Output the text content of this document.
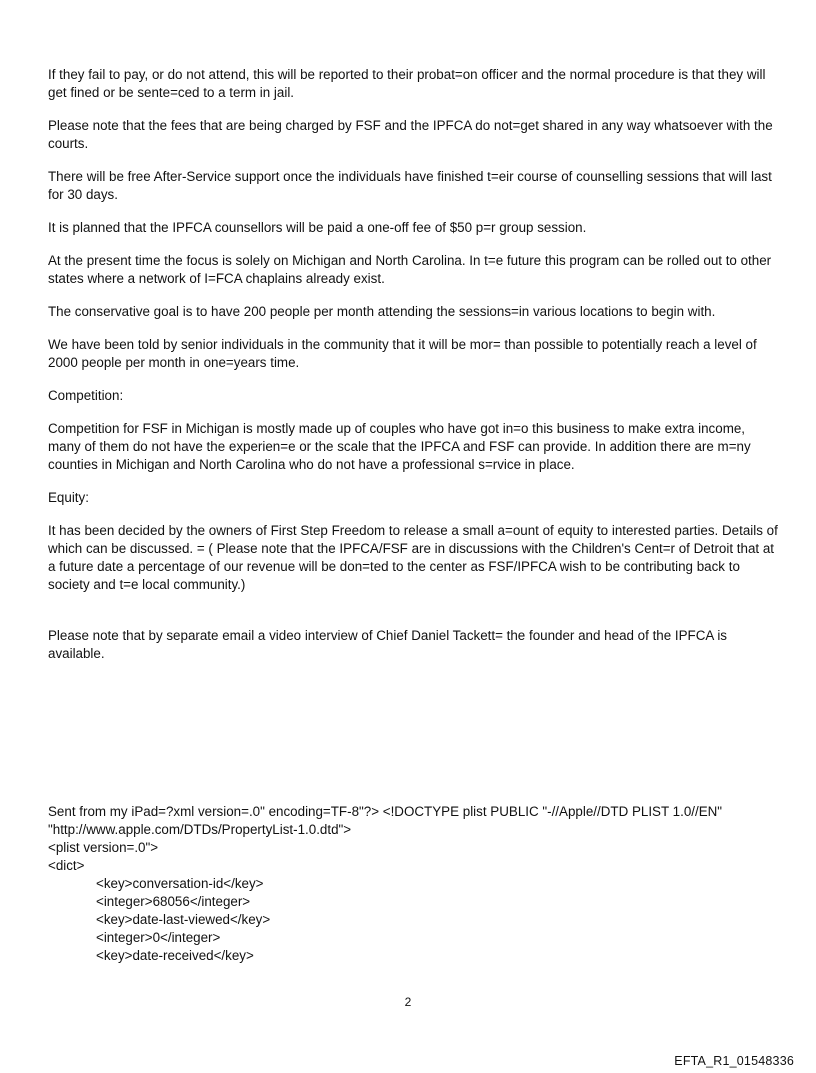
If they fail to pay, or do not attend, this will be reported to their probat=on officer and the normal procedure is that they will get fined or be sente=ced to a term in jail.

Please note that the fees that are being charged by FSF and the IPFCA do not=get shared in any way whatsoever with the courts.

There will be free After-Service support once the individuals have finished t=eir course of counselling sessions that will last for 30 days.

It is planned that the IPFCA counsellors will be paid a one-off fee of $50 p=r group session.

At the present time the focus is solely on Michigan and North Carolina. In t=e future this program can be rolled out to other states where a network of I=FCA chaplains already exist.

The conservative goal is to have 200 people per month attending the sessions=in various locations to begin with.

We have been told by senior individuals in the community that it will be mor= than possible to potentially reach a level of 2000 people per month in one=years time.

Competition:

Competition for FSF in Michigan is mostly made up of couples who have got in=o this business to make extra income, many of them do not have the experien=e or the scale that the IPFCA and FSF can provide. In addition there are m=ny counties in Michigan and North Carolina who do not have a professional s=rvice in place.

Equity:

It has been decided by the owners of First Step Freedom to release a small a=ount of equity to interested parties. Details of which can be discussed. = ( Please note that the IPFCA/FSF are in discussions with the Children's Cent=r of Detroit that at a future date a percentage of our revenue will be don=ted to the center as FSF/IPFCA wish to be contributing back to society and t=e local community.)

Please note that by separate email a video interview of Chief Daniel Tackett= the founder and head of the IPFCA is available.

Sent from my iPad=?xml version=.0" encoding=TF-8"?> <!DOCTYPE plist PUBLIC "-//Apple//DTD PLIST 1.0//EN" "http://www.apple.com/DTDs/PropertyList-1.0.dtd">
<plist version=.0">
<dict>
<key>conversation-id</key>
<integer>68056</integer>
<key>date-last-viewed</key>
<integer>0</integer>
<key>date-received</key>
2
EFTA_R1_01548336
